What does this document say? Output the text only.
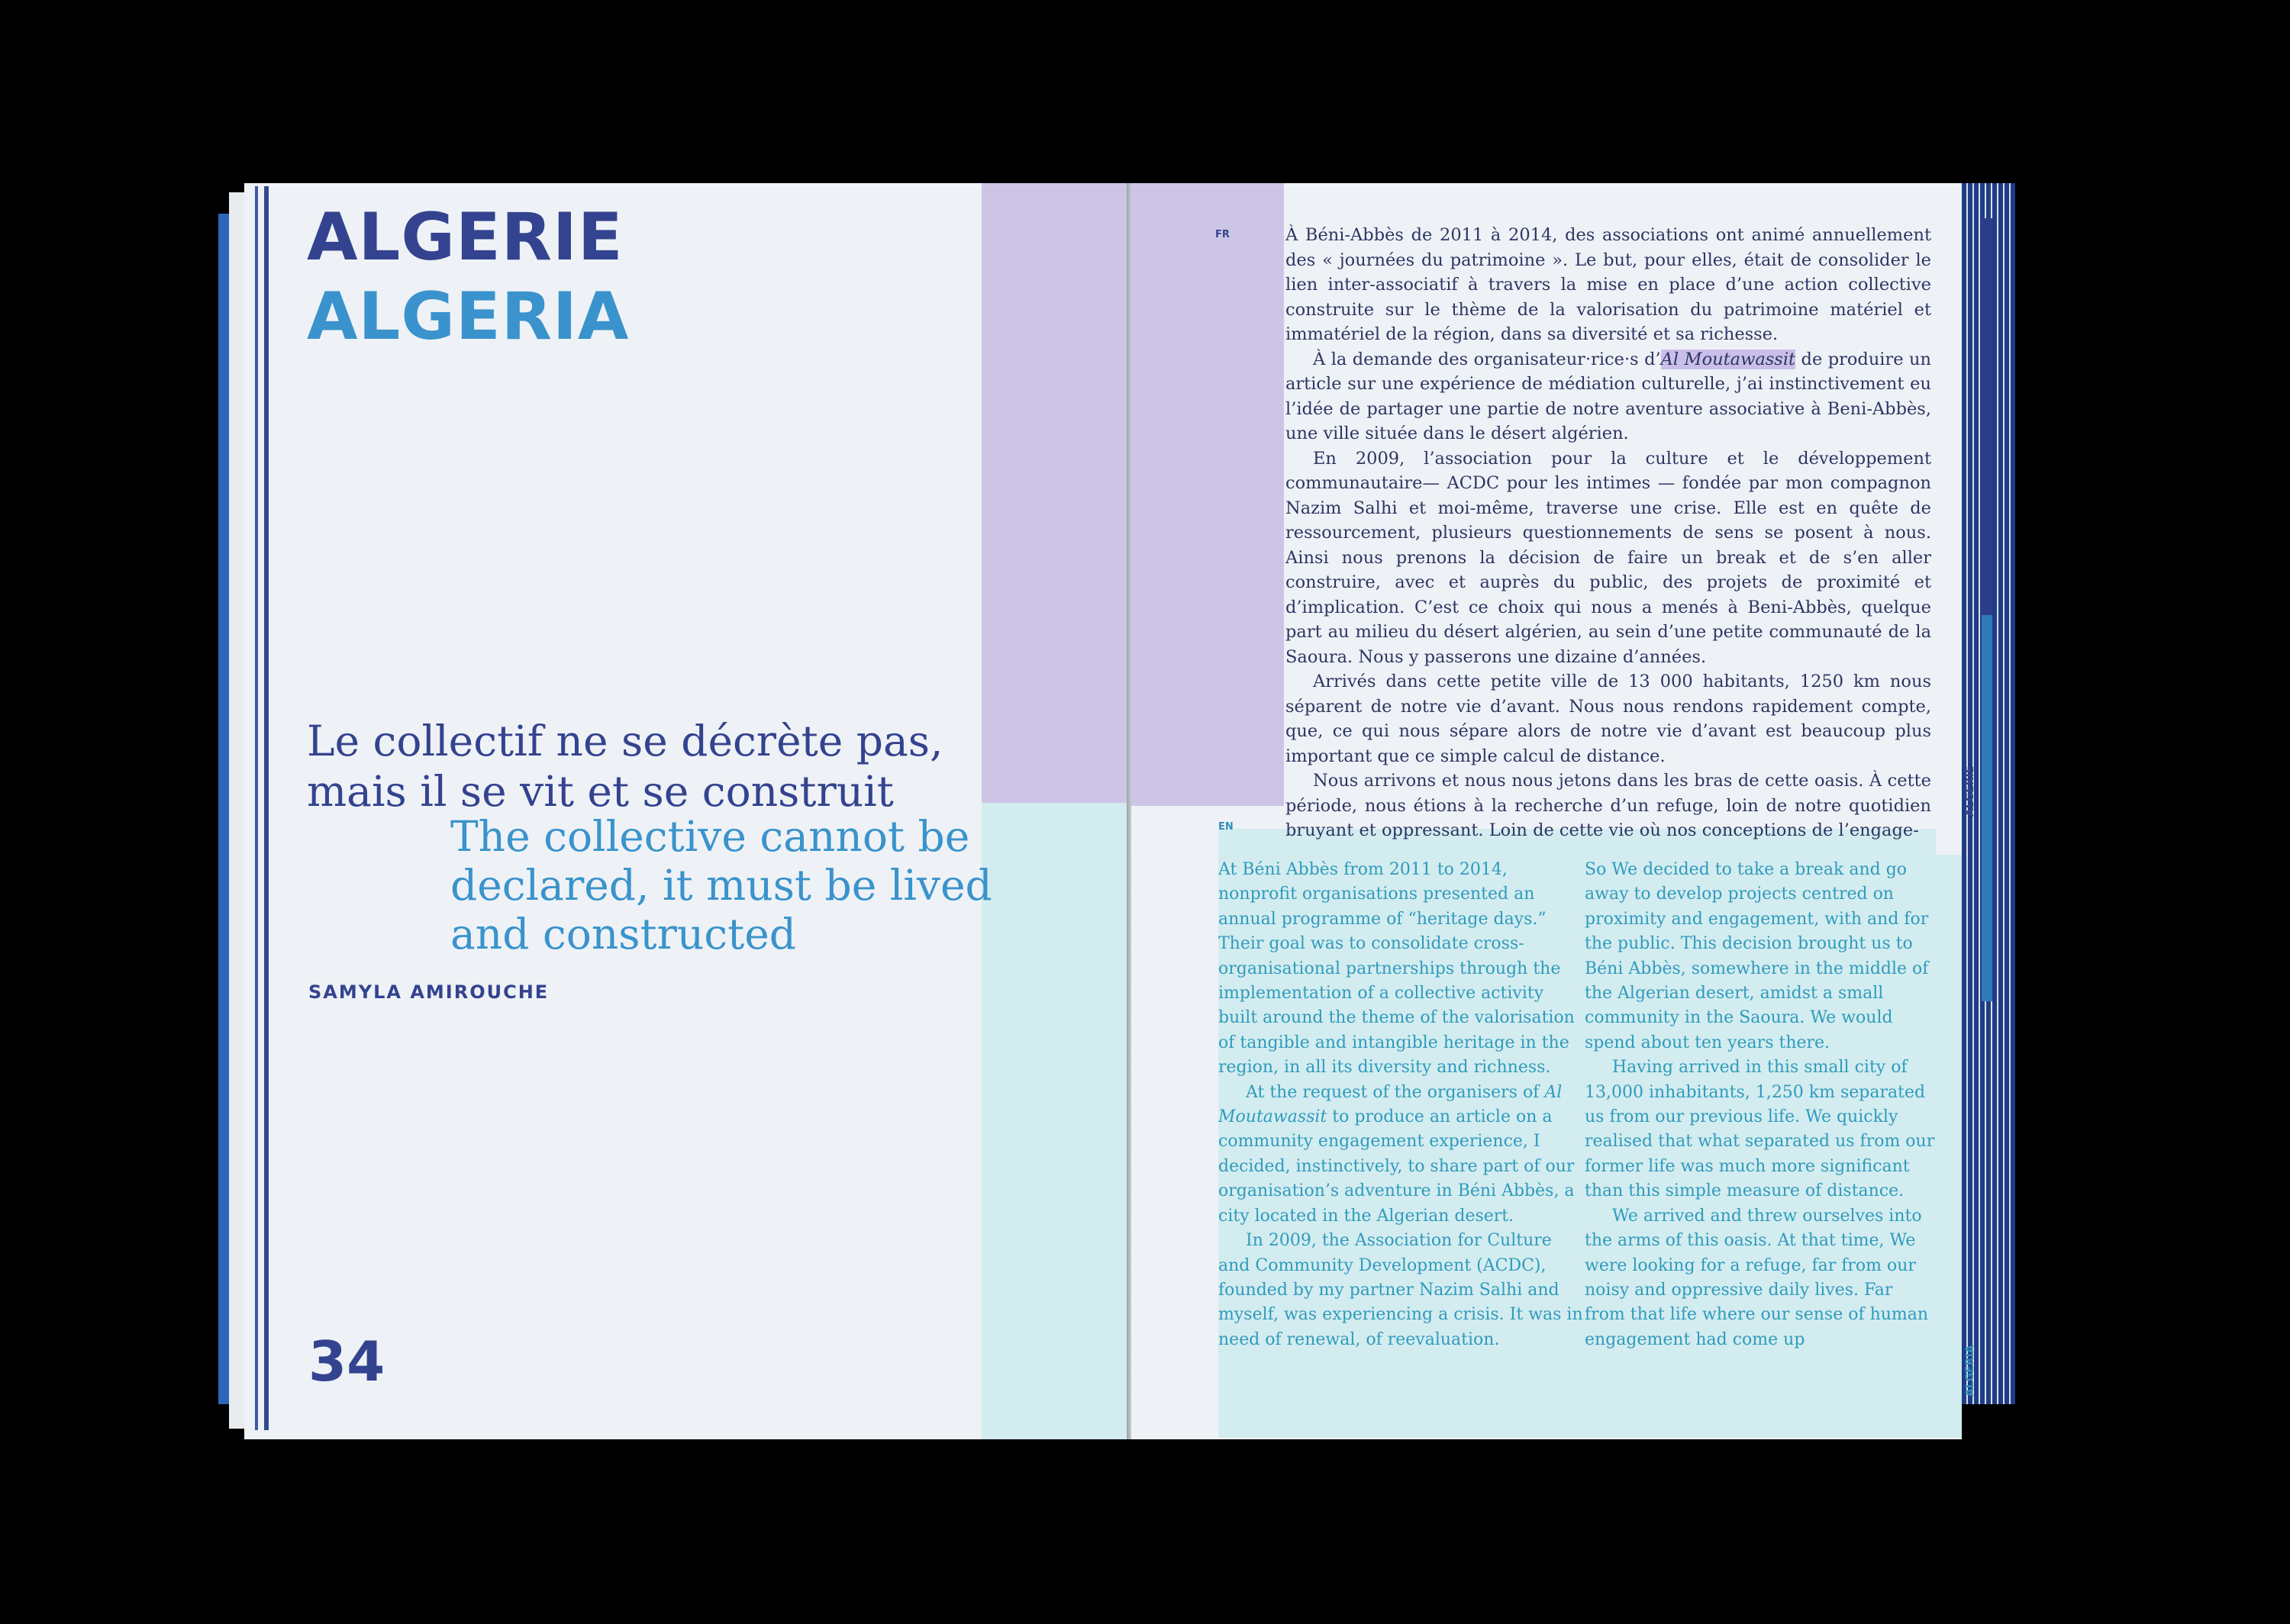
ALGERIE
ALGERIA
Le collectif ne se décrète pas,
mais il se vit et se construit
The collective cannot be
declared, it must be lived
and constructed

SAMYLA AMIROUCHE

34

FR
EN

À Béni-Abbès de 2011 à 2014, des associations ont animé annuellement des « journées du patrimoine ». Le but, pour elles, était de consolider le lien inter-associatif à travers la mise en place d’une action collective construite sur le thème de la valorisation du patrimoine matériel et immatériel de la région, dans sa diversité et sa richesse.

À la demande des organisateur·rice·s d’Al Moutawassit de produire un article sur une expérience de médiation culturelle, j’ai instinctivement eu l’idée de partager une partie de notre aventure associative à Beni-Abbès, une ville située dans le désert algérien.

En 2009, l’association pour la culture et le développement communautaire— ACDC pour les intimes — fondée par mon compagnon Nazim Salhi et moi-même, traverse une crise. Elle est en quête de ressourcement, plusieurs questionnements de sens se posent à nous. Ainsi nous prenons la décision de faire un break et de s’en aller construire, avec et auprès du public, des projets de proximité et d’implication. C’est ce choix qui nous a menés à Beni-Abbès, quelque part au milieu du désert algérien, au sein d’une petite communauté de la Saoura. Nous y passerons une dizaine d’années.

Arrivés dans cette petite ville de 13 000 habitants, 1250 km nous séparent de notre vie d’avant. Nous nous rendons rapidement compte, que, ce qui nous sépare alors de notre vie d’avant est beaucoup plus important que ce simple calcul de distance.

Nous arrivons et nous nous jetons dans les bras de cette oasis. À cette période, nous étions à la recherche d’un refuge, loin de notre quotidien bruyant et oppressant. Loin de cette vie où nos conceptions de l’engage-

At Béni Abbès from 2011 to 2014, nonprofit organisations presented an annual programme of “heritage days.” Their goal was to consolidate cross-organisational partnerships through the implementation of a collective activity built around the theme of the valorisation of tangible and intangible heritage in the region, in all its diversity and richness.

At the request of the organisers of Al Moutawassit to produce an article on a community engagement experience, I decided, instinctively, to share part of our organisation’s adventure in Béni Abbès, a city located in the Algerian desert.

In 2009, the Association for Culture and Community Development (ACDC), founded by my partner Nazim Salhi and myself, was experiencing a crisis. It was in need of renewal, of reevaluation.

So We decided to take a break and go away to develop projects centred on proximity and engagement, with and for the public. This decision brought us to Béni Abbès, somewhere in the middle of the Algerian desert, amidst a small community in the Saoura. We would spend about ten years there.

Having arrived in this small city of 13,000 inhabitants, 1,250 km separated us from our previous life. We quickly realised that what separated us from our former life was much more significant than this simple measure of distance.

We arrived and threw ourselves into the arms of this oasis. At that time, We were looking for a refuge, far from our noisy and oppressive daily lives. Far from that life where our sense of human engagement had come up

ALGERIE
ALGERIA
